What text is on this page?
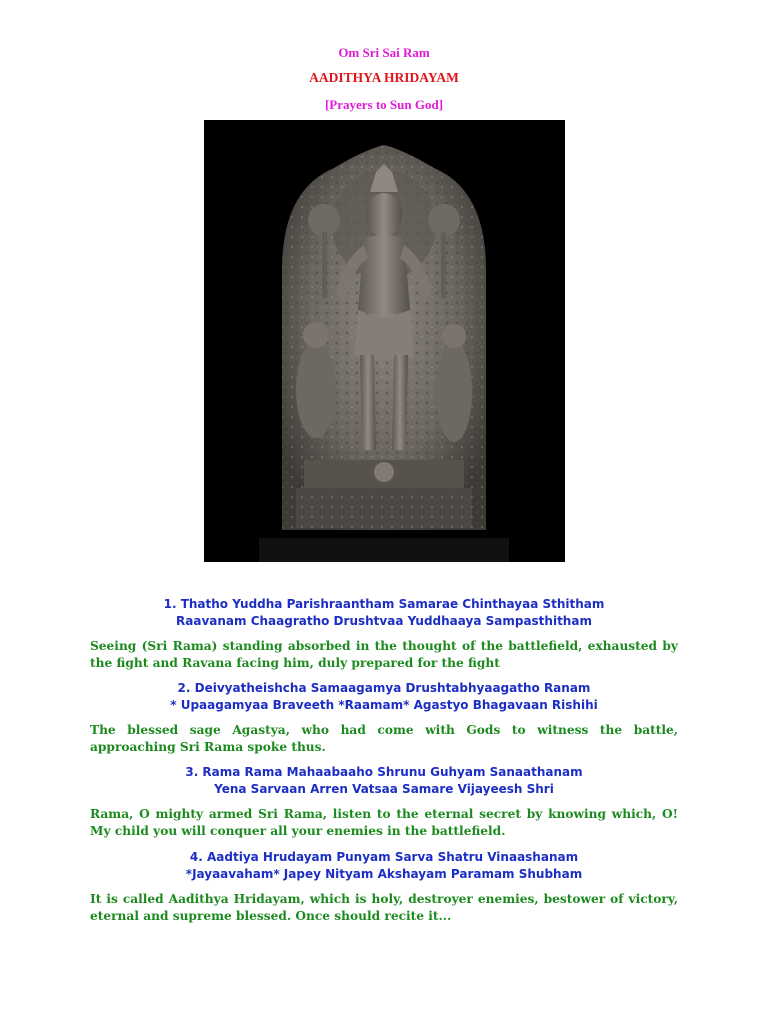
Om Sri Sai Ram
AADITHYA HRIDAYAM
[Prayers to Sun God]
1. Thatho Yuddha Parishraantham Samarae Chinthayaa Sthitham
Raavanam Chaagratho Drushtvaa Yuddhaaya Sampasthitham
Seeing (Sri Rama) standing absorbed in the thought of the battlefield, exhausted by the fight and Ravana facing him, duly prepared for the fight
2. Deivyatheishcha Samaagamya Drushtabhyaagatho Ranam
* Upaagamyaa Braveeth *Raamam* Agastyo Bhagavaan Rishihi
The blessed sage Agastya, who had come with Gods to witness the battle, approaching Sri Rama spoke thus.
3. Rama Rama Mahaabaaho Shrunu Guhyam Sanaathanam
Yena Sarvaan Arren Vatsaa Samare Vijayeesh Shri
Rama, O mighty armed Sri Rama, listen to the eternal secret by knowing which, O! My child you will conquer all your enemies in the battlefield.
4. Aadtiya Hrudayam Punyam Sarva Shatru Vinaashanam
*Jayaavaham* Japey Nityam Akshayam Paramam Shubham
It is called Aadithya Hridayam, which is holy, destroyer enemies, bestower of victory, eternal and supreme blessed. Once should recite it...
